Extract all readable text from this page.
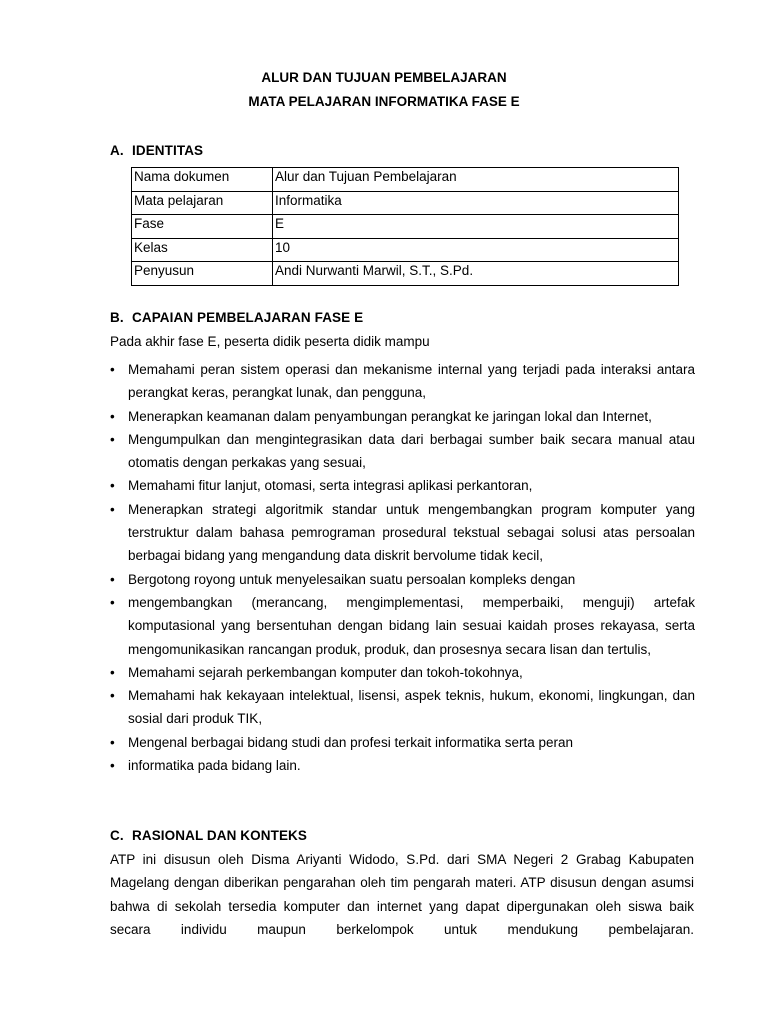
ALUR DAN TUJUAN PEMBELAJARAN
MATA PELAJARAN INFORMATIKA FASE E
A. IDENTITAS
Nama dokumen	Alur dan Tujuan Pembelajaran
Mata pelajaran	Informatika
Fase	E
Kelas	10
Penyusun	Andi Nurwanti Marwil, S.T., S.Pd.
B. CAPAIAN PEMBELAJARAN FASE E
Pada akhir fase E, peserta didik peserta didik mampu
• Memahami peran sistem operasi dan mekanisme internal yang terjadi pada interaksi antara perangkat keras, perangkat lunak, dan pengguna,
• Menerapkan keamanan dalam penyambungan perangkat ke jaringan lokal dan Internet,
• Mengumpulkan dan mengintegrasikan data dari berbagai sumber baik secara manual atau otomatis dengan perkakas yang sesuai,
• Memahami fitur lanjut, otomasi, serta integrasi aplikasi perkantoran,
• Menerapkan strategi algoritmik standar untuk mengembangkan program komputer yang terstruktur dalam bahasa pemrograman prosedural tekstual sebagai solusi atas persoalan berbagai bidang yang mengandung data diskrit bervolume tidak kecil,
• Bergotong royong untuk menyelesaikan suatu persoalan kompleks dengan
• mengembangkan (merancang, mengimplementasi, memperbaiki, menguji) artefak komputasional yang bersentuhan dengan bidang lain sesuai kaidah proses rekayasa, serta mengomunikasikan rancangan produk, produk, dan prosesnya secara lisan dan tertulis,
• Memahami sejarah perkembangan komputer dan tokoh-tokohnya,
• Memahami hak kekayaan intelektual, lisensi, aspek teknis, hukum, ekonomi, lingkungan, dan sosial dari produk TIK,
• Mengenal berbagai bidang studi dan profesi terkait informatika serta peran
• informatika pada bidang lain.
C. RASIONAL DAN KONTEKS
ATP ini disusun oleh Disma Ariyanti Widodo, S.Pd. dari SMA Negeri 2 Grabag Kabupaten Magelang dengan diberikan pengarahan oleh tim pengarah materi. ATP disusun dengan asumsi bahwa di sekolah tersedia komputer dan internet yang dapat dipergunakan oleh siswa baik secara individu maupun berkelompok untuk mendukung pembelajaran.
